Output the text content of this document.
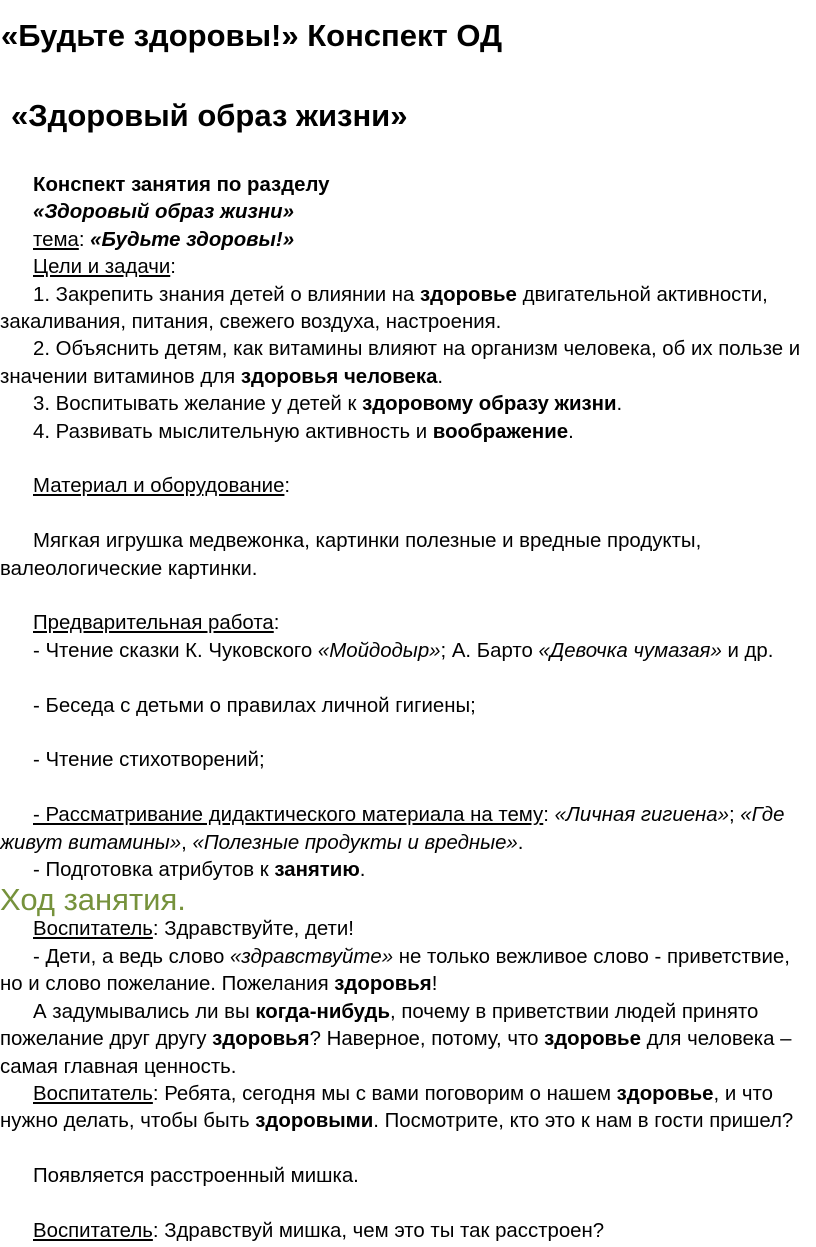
«Будьте здоровы!» Конспект ОД
«Здоровый образ жизни»

Конспект занятия по разделу

«Здоровый образ жизни»

тема: «Будьте здоровы!»

Цели и задачи:

1. Закрепить знания детей о влиянии на здоровье двигательной активности, закаливания, питания, свежего воздуха, настроения.

2. Объяснить детям, как витамины влияют на организм человека, об их пользе и значении витаминов для здоровья человека.

3. Воспитывать желание у детей к здоровому образу жизни.

4. Развивать мыслительную активность и воображение.

Материал и оборудование:

Мягкая игрушка медвежонка, картинки полезные и вредные продукты, валеологические картинки.

Предварительная работа:

- Чтение сказки К. Чуковского «Мойдодыр»; А. Барто «Девочка чумазая» и др.

- Беседа с детьми о правилах личной гигиены;

- Чтение стихотворений;

- Рассматривание дидактического материала на тему: «Личная гигиена»; «Где живут витамины», «Полезные продукты и вредные».

- Подготовка атрибутов к занятию.

Ход занятия.

Воспитатель: Здравствуйте, дети!

- Дети, а ведь слово «здравствуйте» не только вежливое слово - приветствие, но и слово пожелание. Пожелания здоровья!

А задумывались ли вы когда-нибудь, почему в приветствии людей принято пожелание друг другу здоровья? Наверное, потому, что здоровье для человека – самая главная ценность.

Воспитатель: Ребята, сегодня мы с вами поговорим о нашем здоровье, и что нужно делать, чтобы быть здоровыми. Посмотрите, кто это к нам в гости пришел?

Появляется расстроенный мишка.

Воспитатель: Здравствуй мишка, чем это ты так расстроен?
